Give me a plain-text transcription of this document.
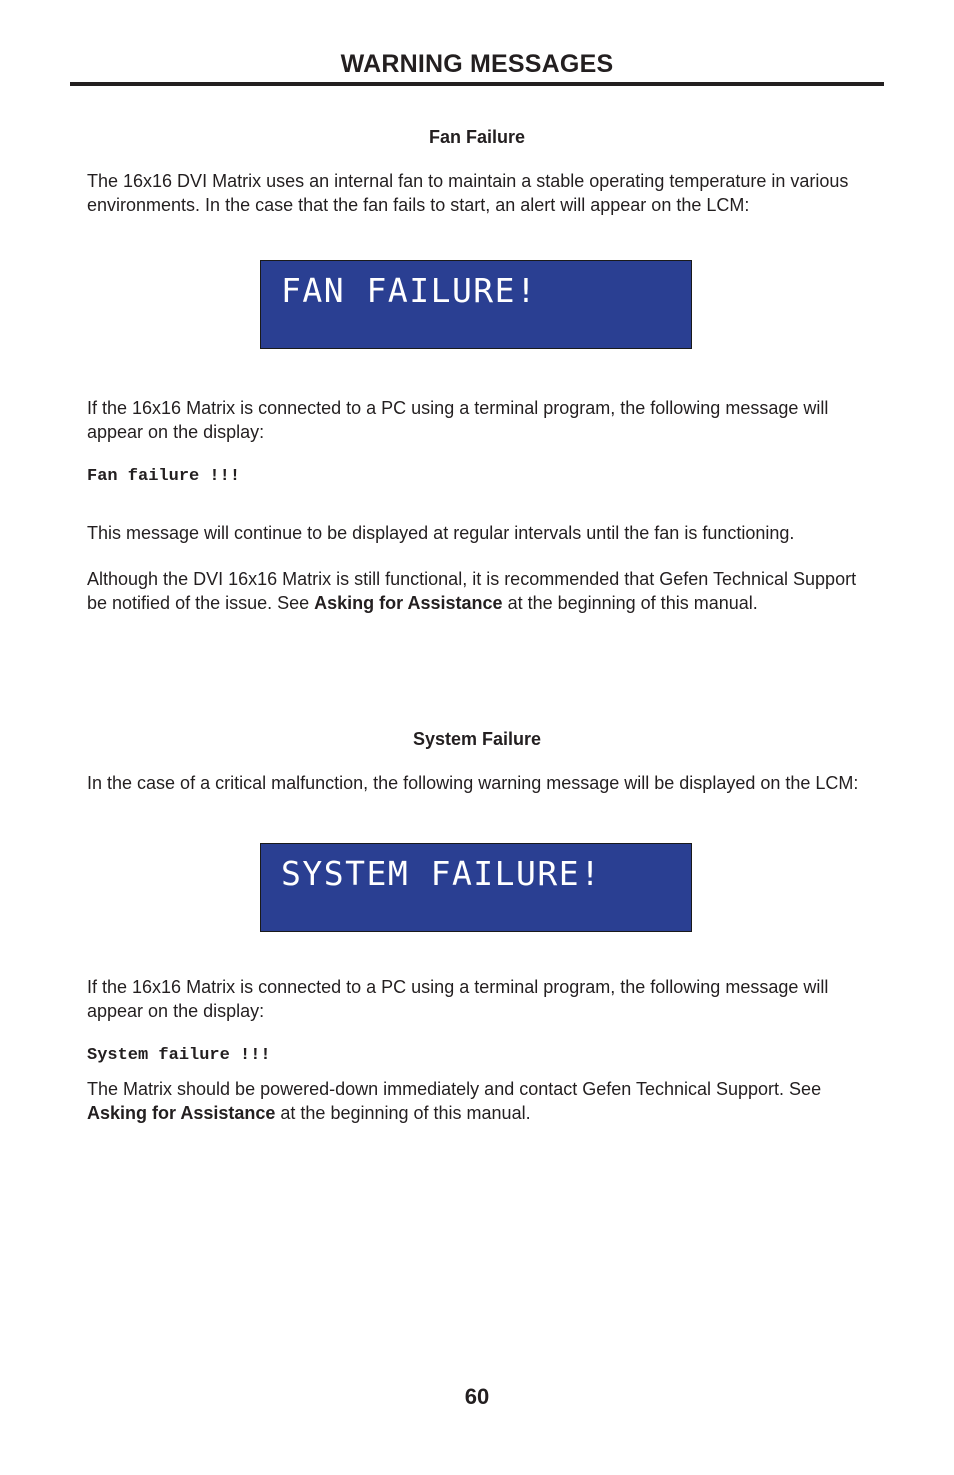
WARNING MESSAGES
Fan Failure

The 16x16 DVI Matrix uses an internal fan to maintain a stable operating temperature in various environments. In the case that the fan fails to start, an alert will appear on the LCM:

FAN FAILURE!

If the 16x16 Matrix is connected to a PC using a terminal program, the following message will appear on the display:

Fan failure !!!

This message will continue to be displayed at regular intervals until the fan is functioning.

Although the DVI 16x16 Matrix is still functional, it is recommended that Gefen Technical Support be notified of the issue. See Asking for Assistance at the beginning of this manual.

System Failure

In the case of a critical malfunction, the following warning message will be displayed on the LCM:

SYSTEM FAILURE!

If the 16x16 Matrix is connected to a PC using a terminal program, the following message will appear on the display:

System failure !!!

The Matrix should be powered-down immediately and contact Gefen Technical Support. See Asking for Assistance at the beginning of this manual.

60
